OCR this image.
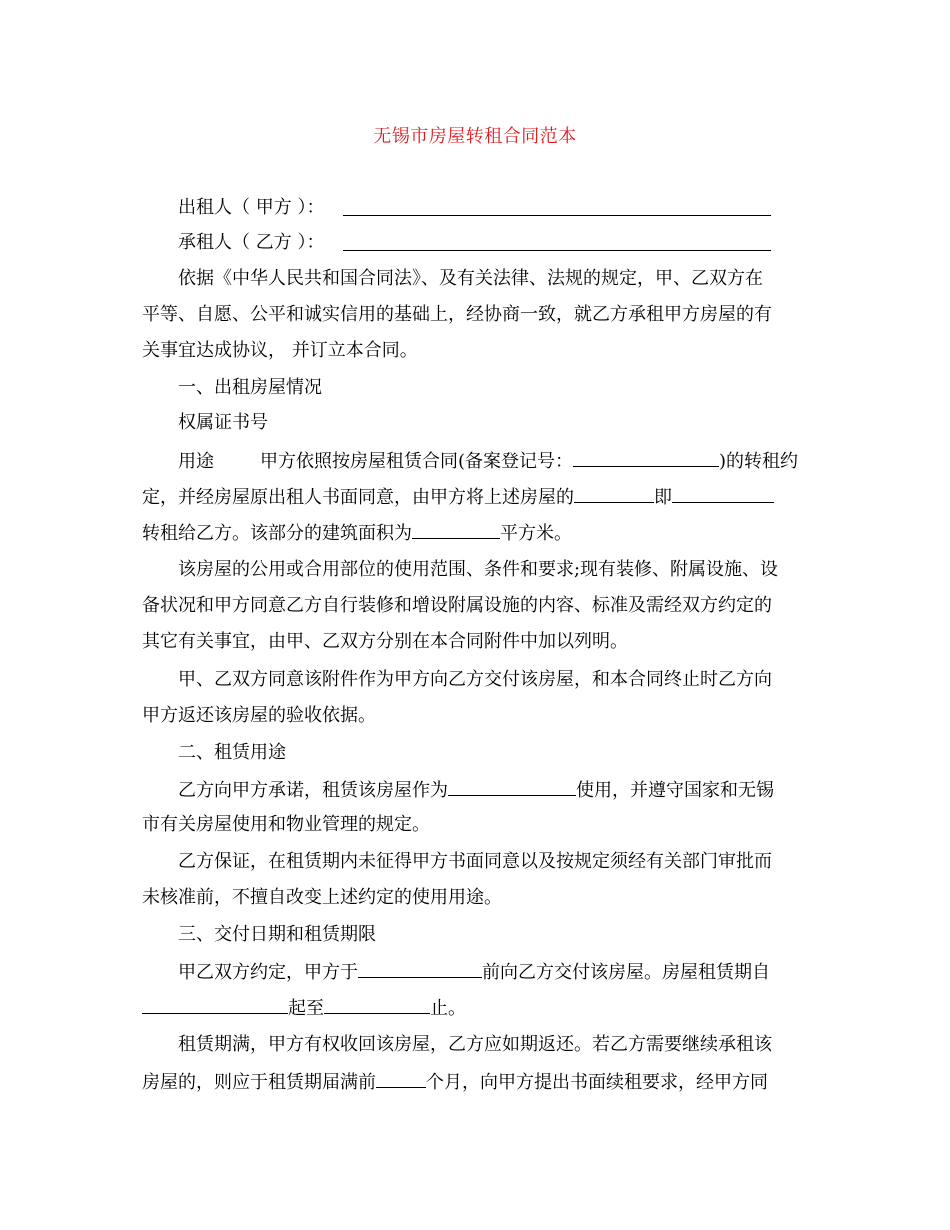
无锡市房屋转租合同范本
出租人（ 甲方 ）：
承租人（ 乙方 ）：
依据《中华人民共和国合同法》、及有关法律、法规的规定，甲、乙双方在
平等、自愿、公平和诚实信用的基础上，经协商一致，就乙方承租甲方房屋的有
关事宜达成协议， 并订立本合同。
一、出租房屋情况
权属证书号
用途	甲方依照按房屋租赁合同(备案登记号：	)的转租约
定，并经房屋原出租人书面同意，由甲方将上述房屋的	即
转租给乙方。该部分的建筑面积为	平方米。
该房屋的公用或合用部位的使用范围、条件和要求;现有装修、附属设施、设
备状况和甲方同意乙方自行装修和增设附属设施的内容、标准及需经双方约定的
其它有关事宜，由甲、乙双方分别在本合同附件中加以列明。
甲、乙双方同意该附件作为甲方向乙方交付该房屋，和本合同终止时乙方向
甲方返还该房屋的验收依据。
二、租赁用途
乙方向甲方承诺，租赁该房屋作为	使用，并遵守国家和无锡
市有关房屋使用和物业管理的规定。
乙方保证，在租赁期内未征得甲方书面同意以及按规定须经有关部门审批而
未核准前，不擅自改变上述约定的使用用途。
三、交付日期和租赁期限
甲乙双方约定，甲方于	前向乙方交付该房屋。房屋租赁期自
起至	止。
租赁期满，甲方有权收回该房屋，乙方应如期返还。若乙方需要继续承租该
房屋的，则应于租赁期届满前	个月，向甲方提出书面续租要求，经甲方同
